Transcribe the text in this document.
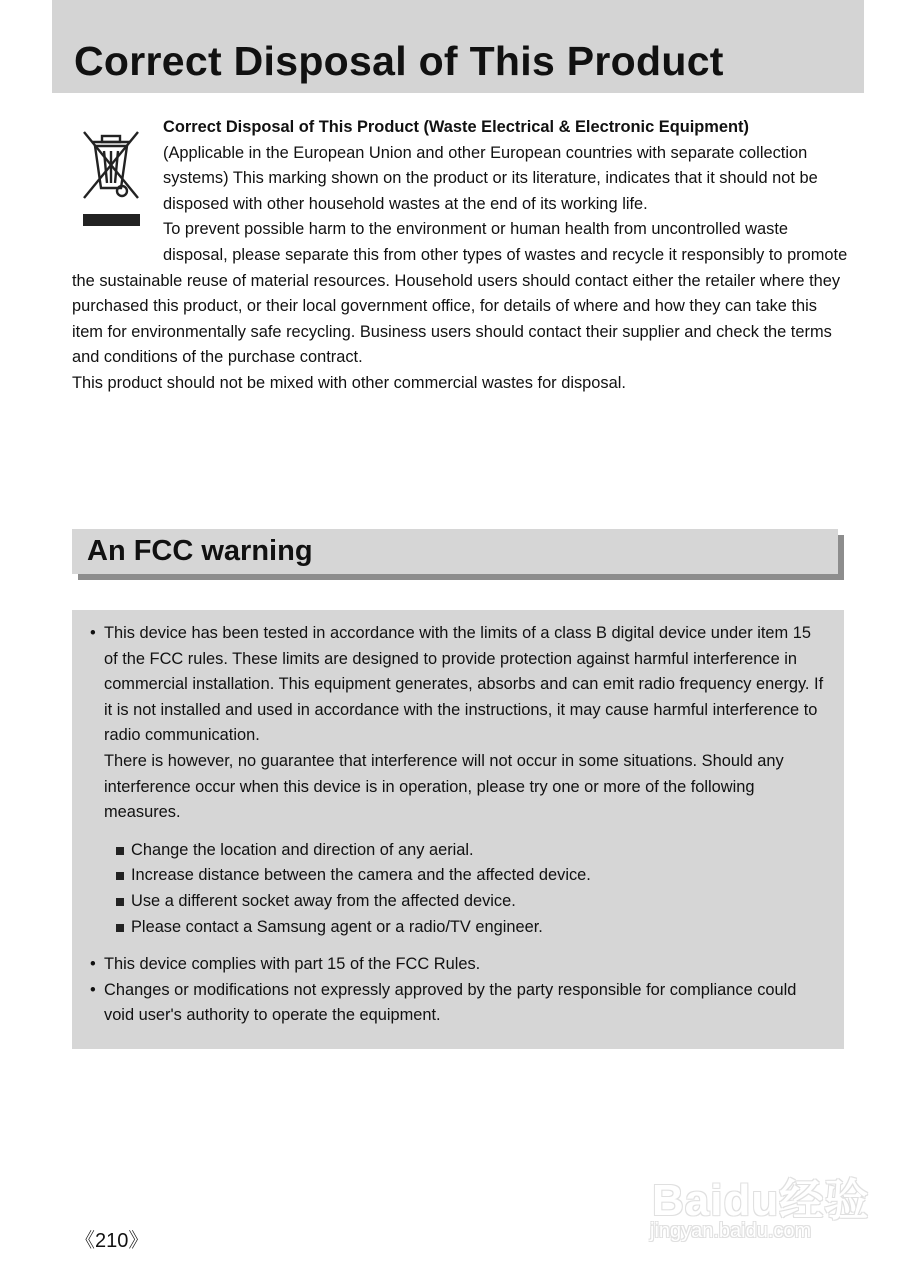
Correct Disposal of This Product

Correct Disposal of This Product (Waste Electrical & Electronic Equipment)

(Applicable in the European Union and other European countries with separate collection systems) This marking shown on the product or its literature, indicates that it should not be disposed with other household wastes at the end of its working life.

To prevent possible harm to the environment or human health from uncontrolled waste disposal, please separate this from other types of wastes and recycle it responsibly to promote the sustainable reuse of material resources. Household users should contact either the retailer where they purchased this product, or their local government office, for details of where and how they can take this item for environmentally safe recycling. Business users should contact their supplier and check the terms and conditions of the purchase contract.

This product should not be mixed with other commercial wastes for disposal.

An FCC warning
• This device has been tested in accordance with the limits of a class B digital device under item 15 of the FCC rules. These limits are designed to provide protection against harmful interference in commercial installation. This equipment generates, absorbs and can emit radio frequency energy. If it is not installed and used in accordance with the instructions, it may cause harmful interference to radio communication.

There is however, no guarantee that interference will not occur in some situations. Should any interference occur when this device is in operation, please try one or more of the following measures.

Change the location and direction of any aerial.
Increase distance between the camera and the affected device.
Use a different socket away from the affected device.
Please contact a Samsung agent or a radio/TV engineer.
• This device complies with part 15 of the FCC Rules.

• Changes or modifications not expressly approved by the party responsible for compliance could void user's authority to operate the equipment.

《210》
Baidu经验
jingyan.baidu.com
